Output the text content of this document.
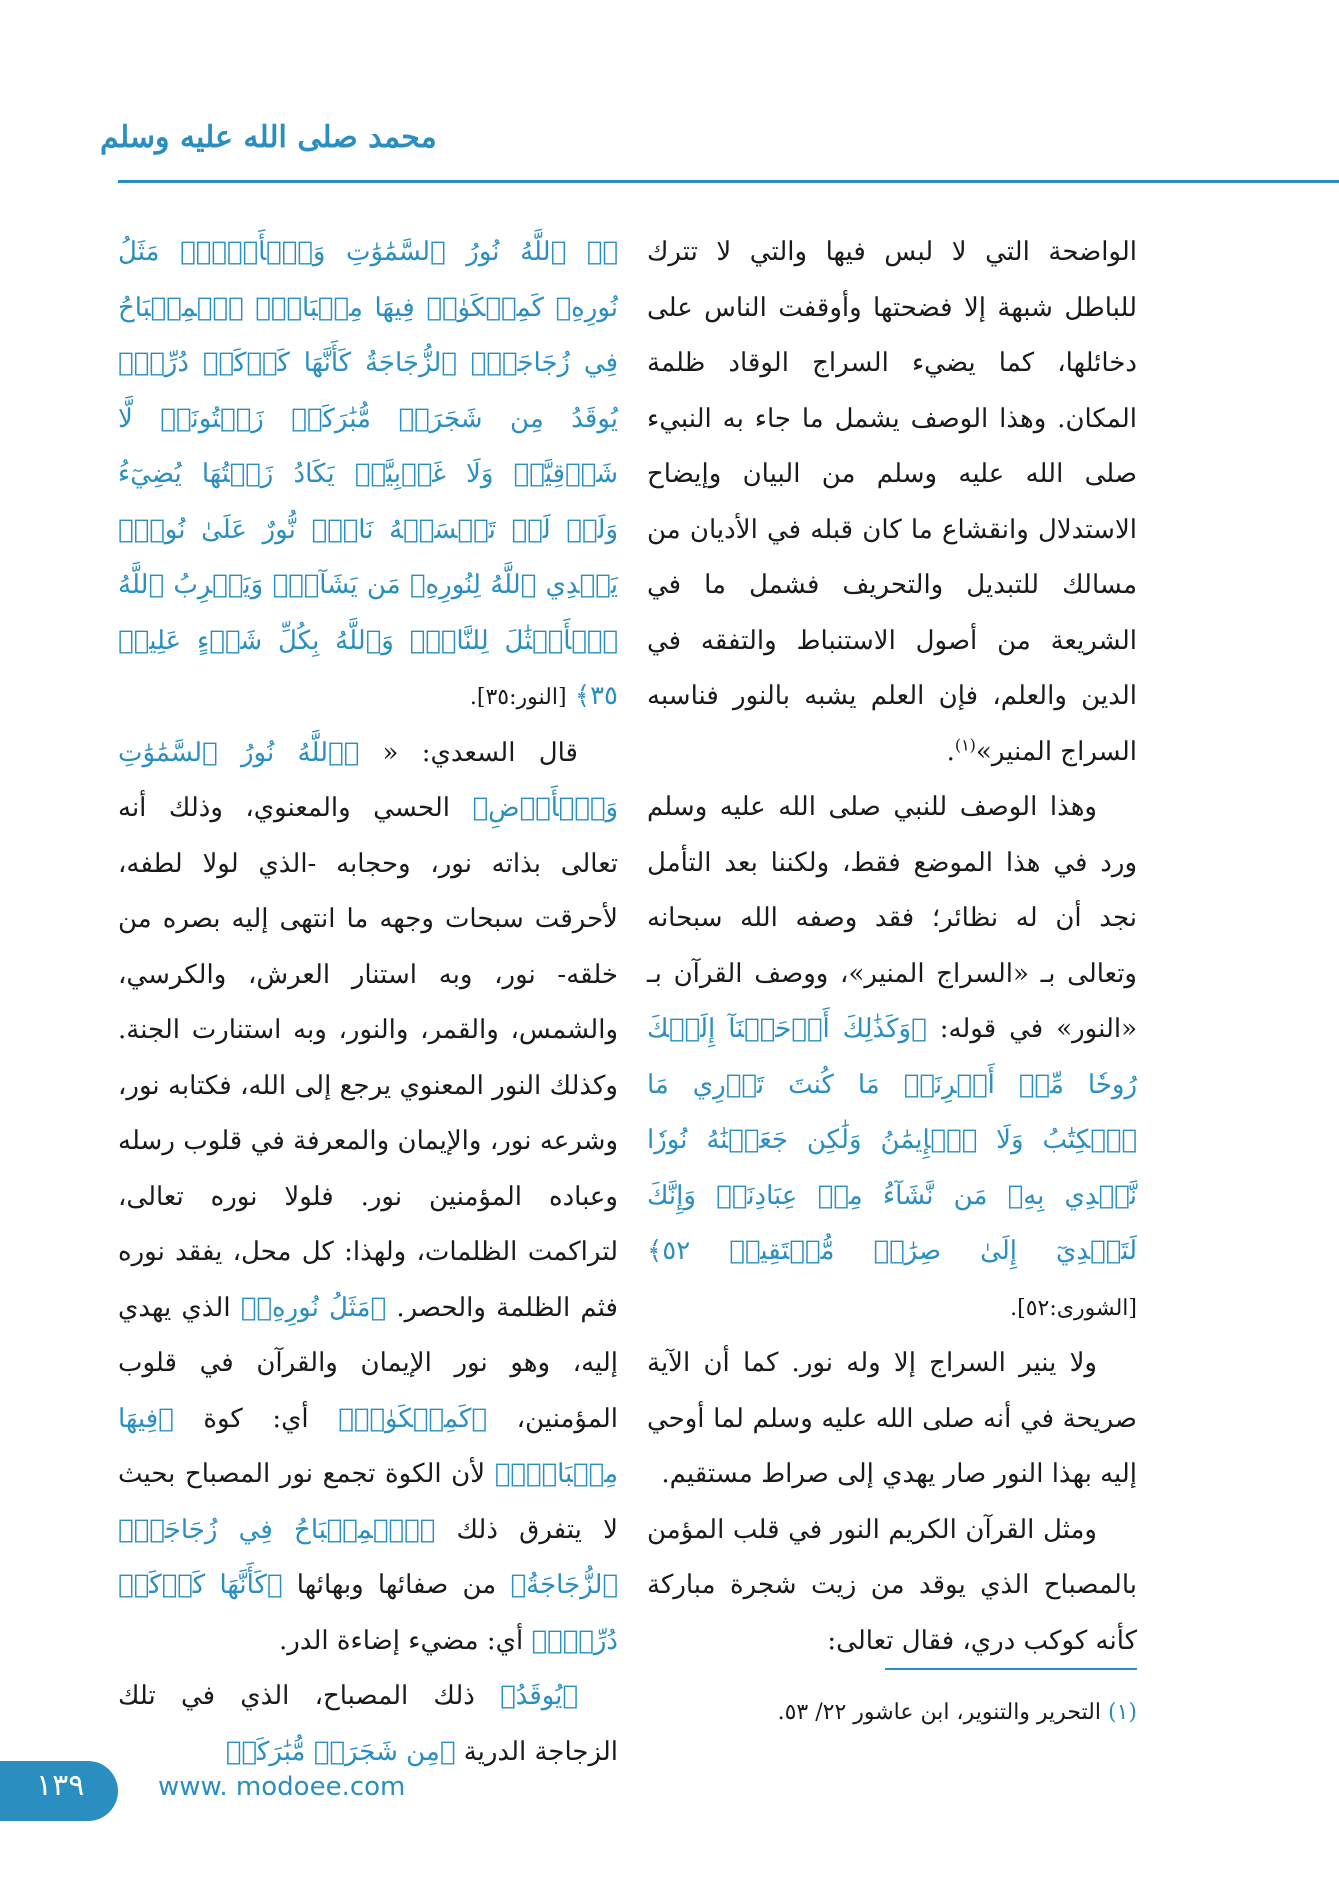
محمد صلى الله عليه وسلم

الواضحة التي لا لبس فيها والتي لا تترك للباطل شبهة إلا فضحتها وأوقفت الناس على دخائلها، كما يضيء السراج الوقاد ظلمة المكان. وهذا الوصف يشمل ما جاء به النبيء صلى الله عليه وسلم من البيان وإيضاح الاستدلال وانقشاع ما كان قبله في الأديان من مسالك للتبديل والتحريف فشمل ما في الشريعة من أصول الاستنباط والتفقه في الدين والعلم، فإن العلم يشبه بالنور فناسبه السراج المنير»$^{(١)}$.

وهذا الوصف للنبي صلى الله عليه وسلم ورد في هذا الموضع فقط، ولكننا بعد التأمل نجد أن له نظائر؛ فقد وصفه الله سبحانه وتعالى بـ «السراج المنير»، ووصف القرآن بـ «النور» في قوله: ﴿وَكَذَٰلِكَ أَوۡحَيۡنَآ إِلَيۡكَ رُوحٗا مِّنۡ أَمۡرِنَاۚ مَا كُنتَ تَدۡرِي مَا ٱلۡكِتَٰبُ وَلَا ٱلۡإِيمَٰنُ وَلَٰكِن جَعَلۡنَٰهُ نُورٗا نَّهۡدِي بِهِۦ مَن نَّشَآءُ مِنۡ عِبَادِنَاۚ وَإِنَّكَ لَتَهۡدِيٓ إِلَىٰ صِرَٰطٖ مُّسۡتَقِيمٖ ٥٢﴾ [الشورى:٥٢].

ولا ينير السراج إلا وله نور. كما أن الآية صريحة في أنه صلى الله عليه وسلم لما أوحي إليه بهذا النور صار يهدي إلى صراط مستقيم.

ومثل القرآن الكريم النور في قلب المؤمن بالمصباح الذي يوقد من زيت شجرة مباركة كأنه كوكب دري، فقال تعالى:

﴿۞ ٱللَّهُ نُورُ ٱلسَّمَٰوَٰتِ وَٱلۡأَرۡضِۚ مَثَلُ نُورِهِۦ كَمِشۡكَوٰةٖ فِيهَا مِصۡبَاحٌۖ ٱلۡمِصۡبَاحُ فِي زُجَاجَةٍۖ ٱلزُّجَاجَةُ كَأَنَّهَا كَوۡكَبٞ دُرِّيّٞ يُوقَدُ مِن شَجَرَةٖ مُّبَٰرَكَةٖ زَيۡتُونَةٖ لَّا شَرۡقِيَّةٖ وَلَا غَرۡبِيَّةٖ يَكَادُ زَيۡتُهَا يُضِيٓءُ وَلَوۡ لَمۡ تَمۡسَسۡهُ نَارٞۚ نُّورٌ عَلَىٰ نُورٖۚ يَهۡدِي ٱللَّهُ لِنُورِهِۦ مَن يَشَآءُۚ وَيَضۡرِبُ ٱللَّهُ ٱلۡأَمۡثَٰلَ لِلنَّاسِۗ وَٱللَّهُ بِكُلِّ شَيۡءٍ عَلِيمٞ ٣٥﴾ [النور:٣٥].

قال السعدي: « ﴿ٱللَّهُ نُورُ ٱلسَّمَٰوَٰتِ وَٱلۡأَرۡضِ﴾ الحسي والمعنوي، وذلك أنه تعالى بذاته نور، وحجابه -الذي لولا لطفه، لأحرقت سبحات وجهه ما انتهى إليه بصره من خلقه- نور، وبه استنار العرش، والكرسي، والشمس، والقمر، والنور، وبه استنارت الجنة. وكذلك النور المعنوي يرجع إلى الله، فكتابه نور، وشرعه نور، والإيمان والمعرفة في قلوب رسله وعباده المؤمنين نور. فلولا نوره تعالى، لتراكمت الظلمات، ولهذا: كل محل، يفقد نوره فثم الظلمة والحصر. ﴿مَثَلُ نُورِهِۦ﴾ الذي يهدي إليه، وهو نور الإيمان والقرآن في قلوب المؤمنين، ﴿كَمِشۡكَوٰةٖ﴾ أي: كوة ﴿فِيهَا مِصۡبَاحٌۖ﴾ لأن الكوة تجمع نور المصباح بحيث لا يتفرق ذلك ﴿ٱلۡمِصۡبَاحُ فِي زُجَاجَةٍۖ ٱلزُّجَاجَةُ﴾ من صفائها وبهائها ﴿كَأَنَّهَا كَوۡكَبٞ دُرِّيّٞ﴾ أي: مضيء إضاءة الدر.

﴿يُوقَدُ﴾ ذلك المصباح، الذي في تلك الزجاجة الدرية ﴿مِن شَجَرَةٖ مُّبَٰرَكَةٖ

(١) التحرير والتنوير، ابن عاشور ٢٢/ ٥٣.
١٣٩	www. modoee.com
